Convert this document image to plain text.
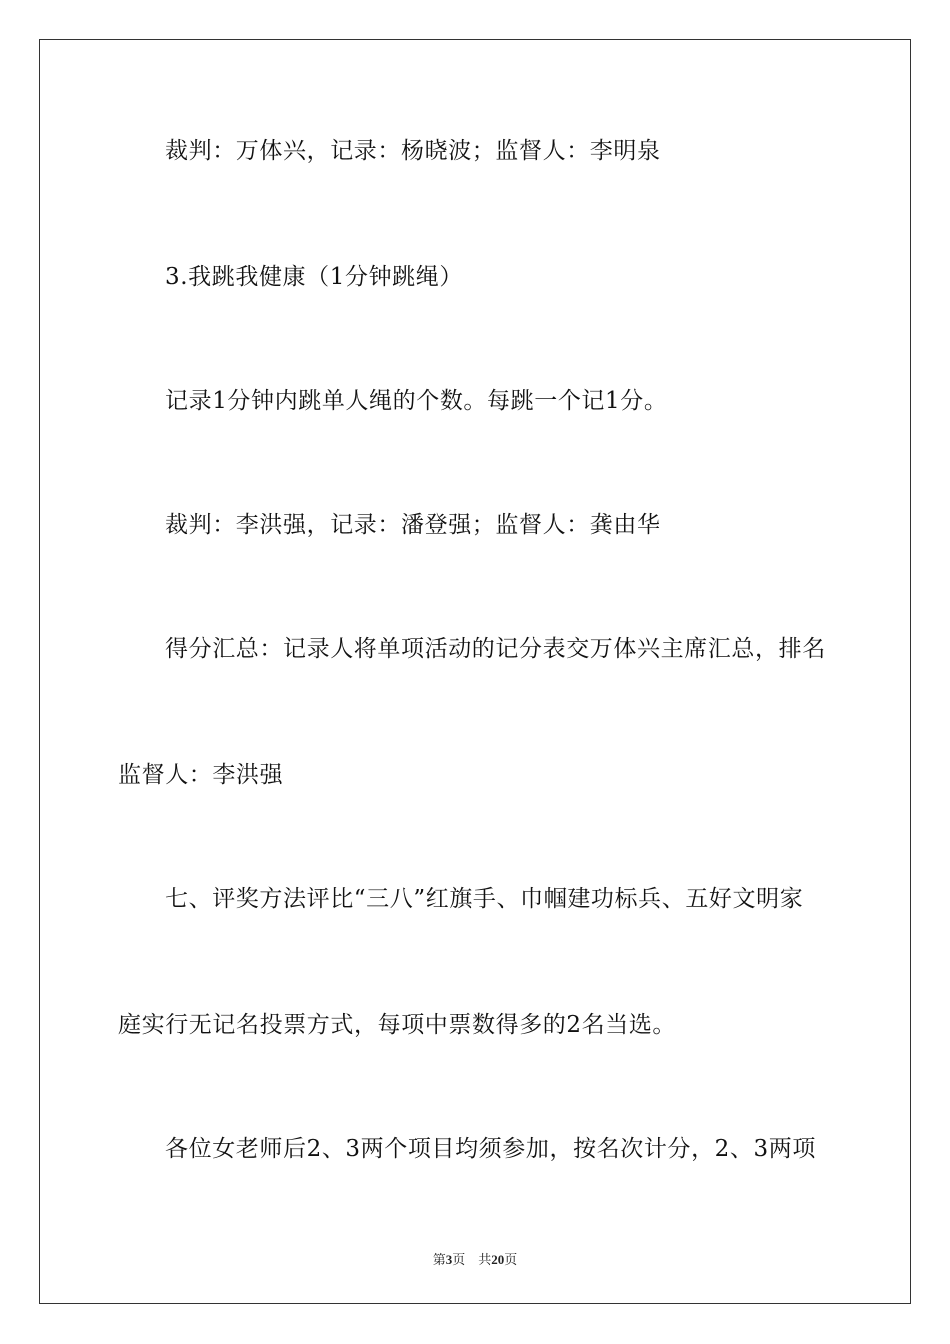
裁判：万体兴，记录：杨晓波；监督人：李明泉
3.我跳我健康（1分钟跳绳）
记录1分钟内跳单人绳的个数。每跳一个记1分。
裁判：李洪强，记录：潘登强；监督人：龚由华
得分汇总：记录人将单项活动的记分表交万体兴主席汇总，排名
监督人：李洪强
七、评奖方法评比“三八”红旗手、巾帼建功标兵、五好文明家
庭实行无记名投票方式，每项中票数得多的2名当选。
各位女老师后2、3两个项目均须参加，按名次计分，2、3两项
第3页 共20页
